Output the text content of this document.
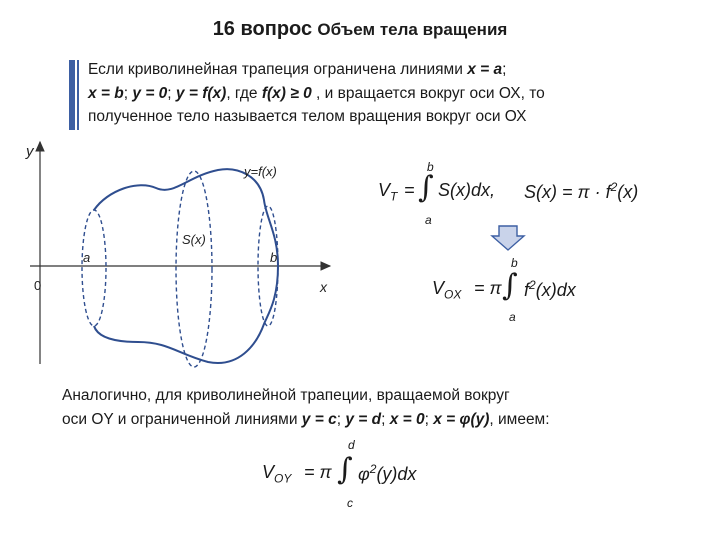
16 вопрос Объем тела вращения
Если криволинейная трапеция ограничена линиями x = a;
x = b; y = 0; y = f(x), где f(x) ≥ 0 , и вращается вокруг оси ОХ, то
полученное тело называется телом вращения вокруг оси ОХ
y
0	x
a	b
y=f(x)
S(x)
$V_T$ =
b
∫
a
S(x)dx, $S(x) = \pi \cdot f^2(x)$
$V_{OX} = \pi$
b
∫
a
$f^2(x)dx$
Аналогично, для криволинейной трапеции, вращаемой вокруг
оси OY и ограниченной линиями y = c; y = d; x = 0; x = φ(y), имеем:
$V_{OY} = \pi$
d
∫
c
$\varphi^2(y)dx$
